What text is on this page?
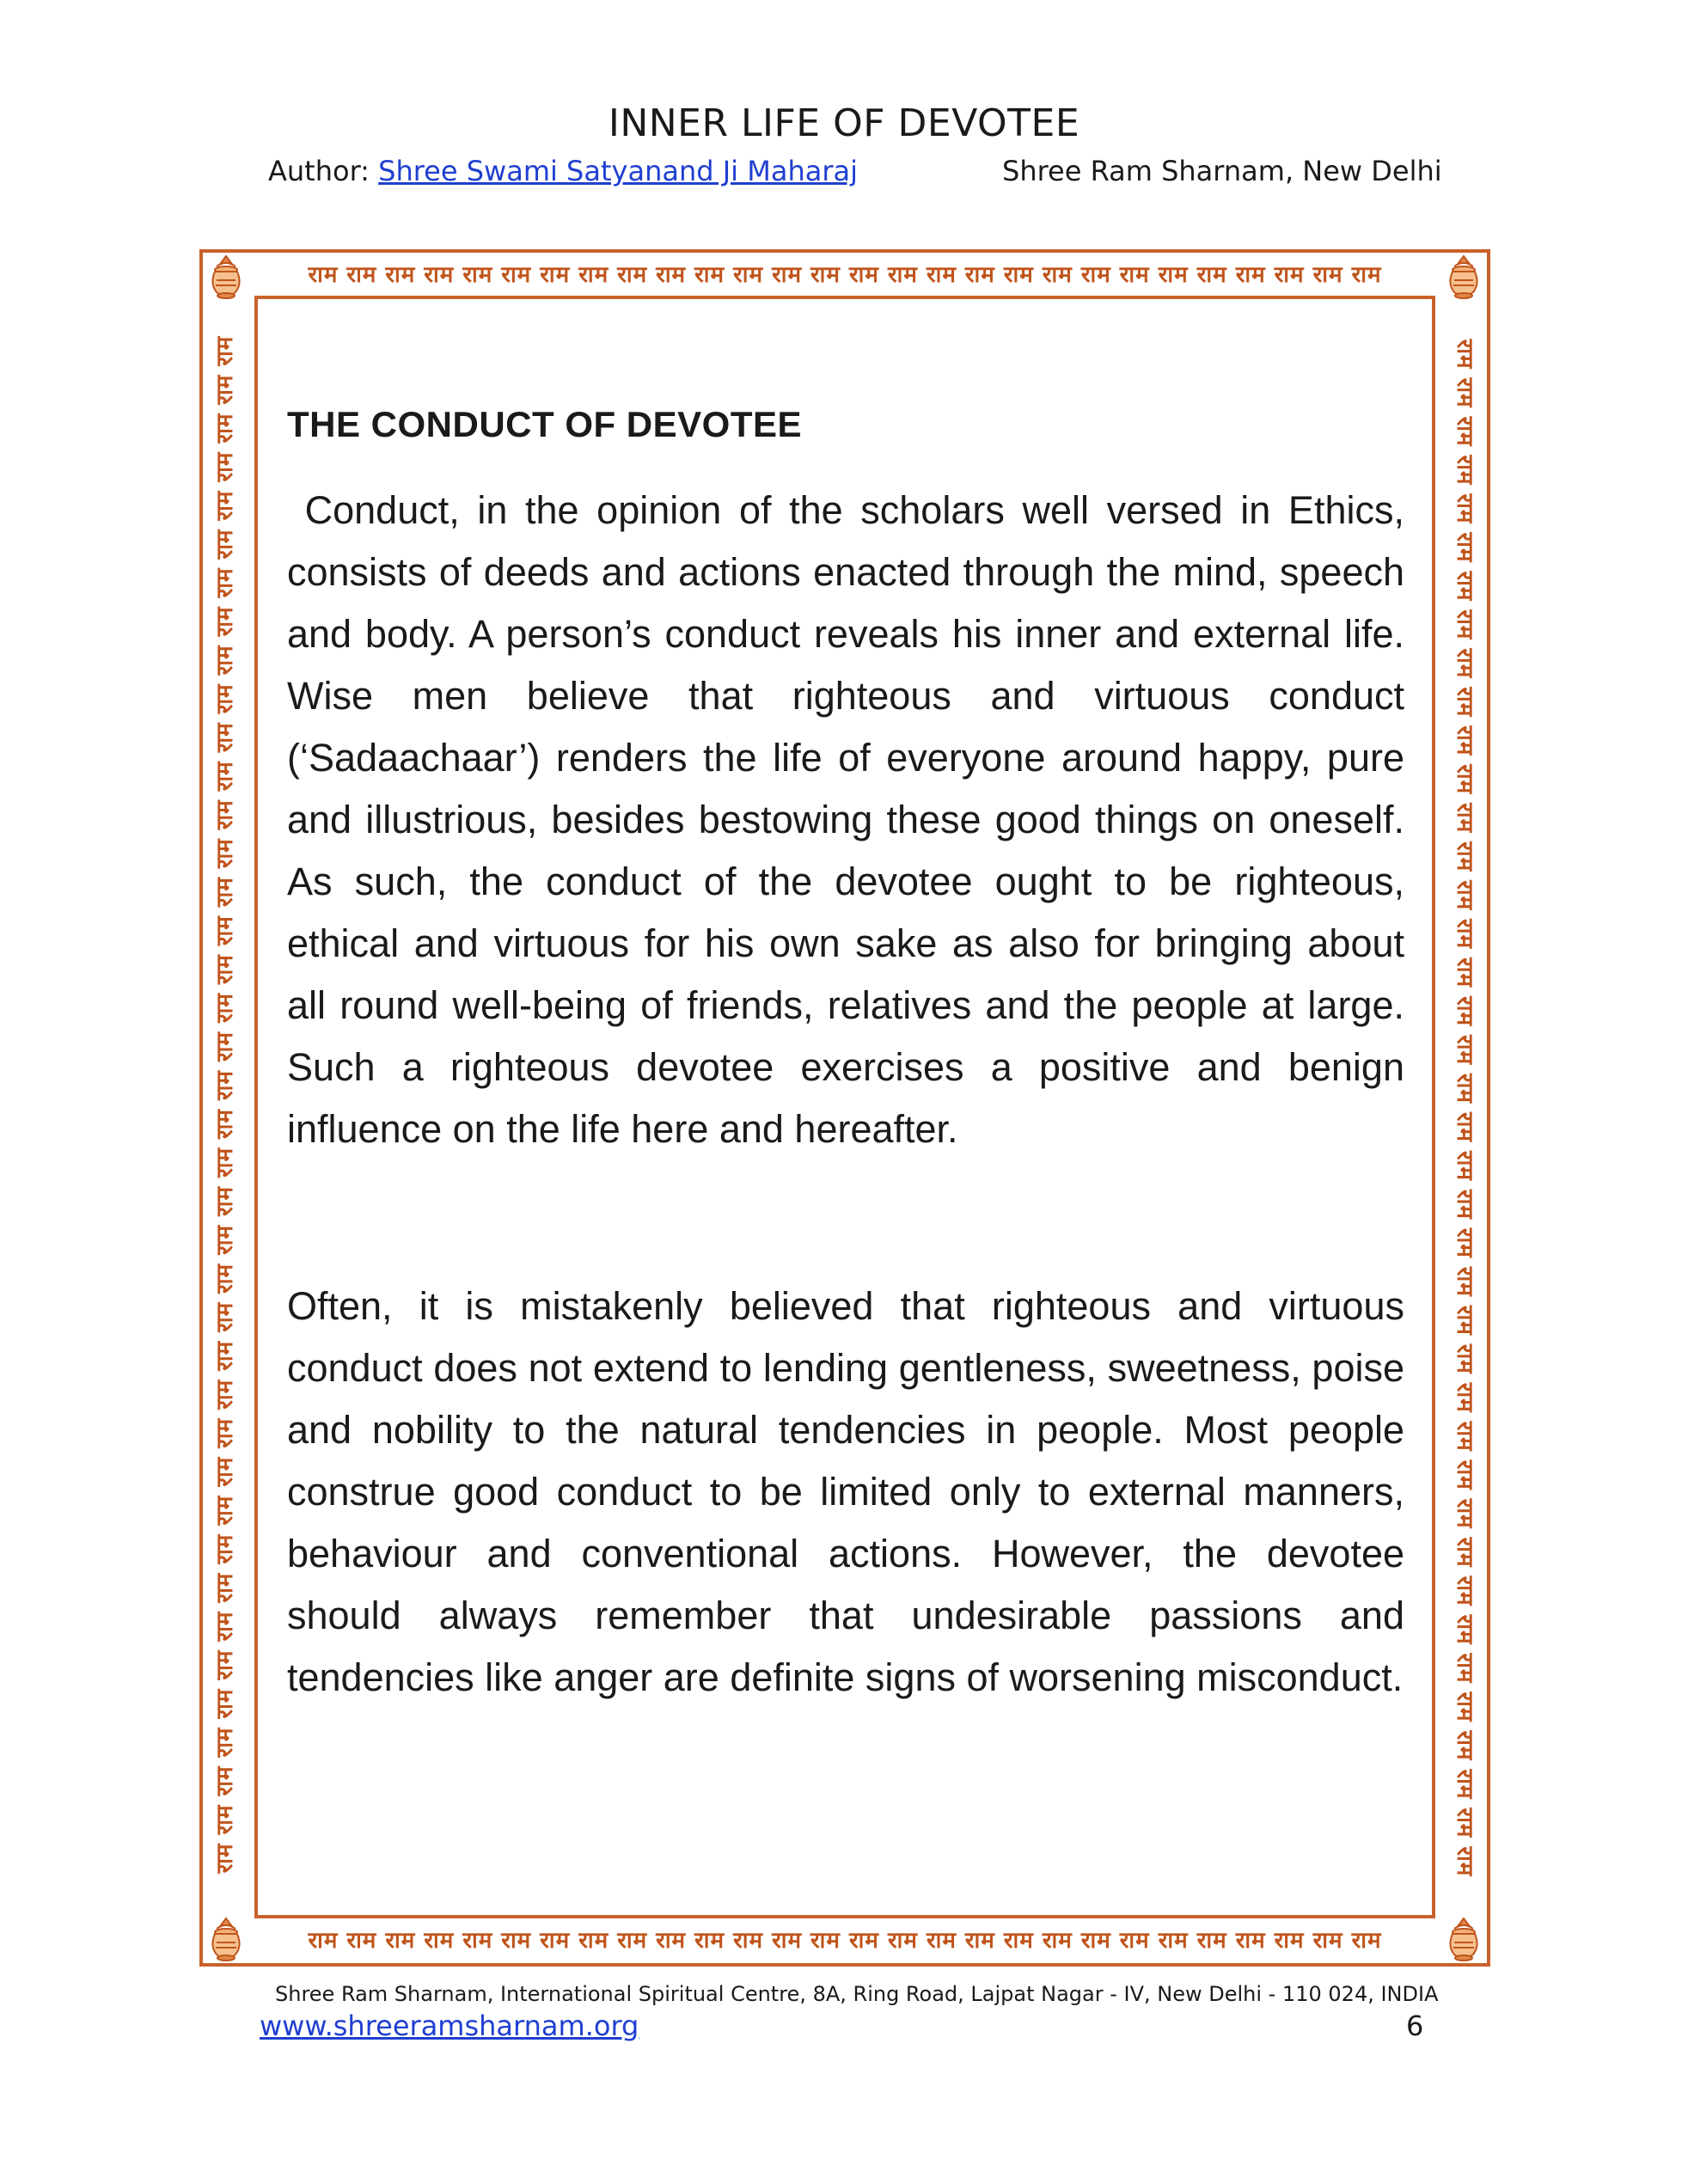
INNER LIFE OF DEVOTEE
Author: Shree Swami Satyanand Ji Maharaj	Shree Ram Sharnam, New Delhi
राम राम राम राम राम राम राम राम राम राम राम राम राम राम राम राम राम राम राम राम राम राम राम राम राम राम राम राम
राम राम राम राम राम राम राम राम राम राम राम राम राम राम राम राम राम राम राम राम राम राम राम राम राम राम राम राम
राम राम राम राम राम राम राम राम राम राम राम राम राम राम राम राम राम राम राम राम राम राम राम राम राम राम राम राम राम राम राम राम राम राम राम राम राम राम राम राम	राम राम राम राम राम राम राम राम राम राम राम राम राम राम राम राम राम राम राम राम राम राम राम राम राम राम राम राम राम राम राम राम राम राम राम राम राम राम राम राम
THE CONDUCT OF DEVOTEE

Conduct, in the opinion of the scholars well versed in Ethics, consists of deeds and actions enacted through the mind, speech and body. A person’s conduct reveals his inner and external life. Wise men believe that righteous and virtuous conduct (‘Sadaachaar’) renders the life of everyone around happy, pure and illustrious, besides bestowing these good things on oneself. As such, the conduct of the devotee ought to be righteous, ethical and virtuous for his own sake as also for bringing about all round well-being of friends, relatives and the people at large. Such a righteous devotee exercises a positive and benign influence on the life here and hereafter.

Often, it is mistakenly believed that righteous and virtuous conduct does not extend to lending gentleness, sweetness, poise and nobility to the natural tendencies in people. Most people construe good conduct to be limited only to external manners, behaviour and conventional actions. However, the devotee should always remember that undesirable passions and tendencies like anger are definite signs of worsening misconduct.

Shree Ram Sharnam, International Spiritual Centre, 8A, Ring Road, Lajpat Nagar - IV, New Delhi - 110 024, INDIA
www.shreeramsharnam.org	6
